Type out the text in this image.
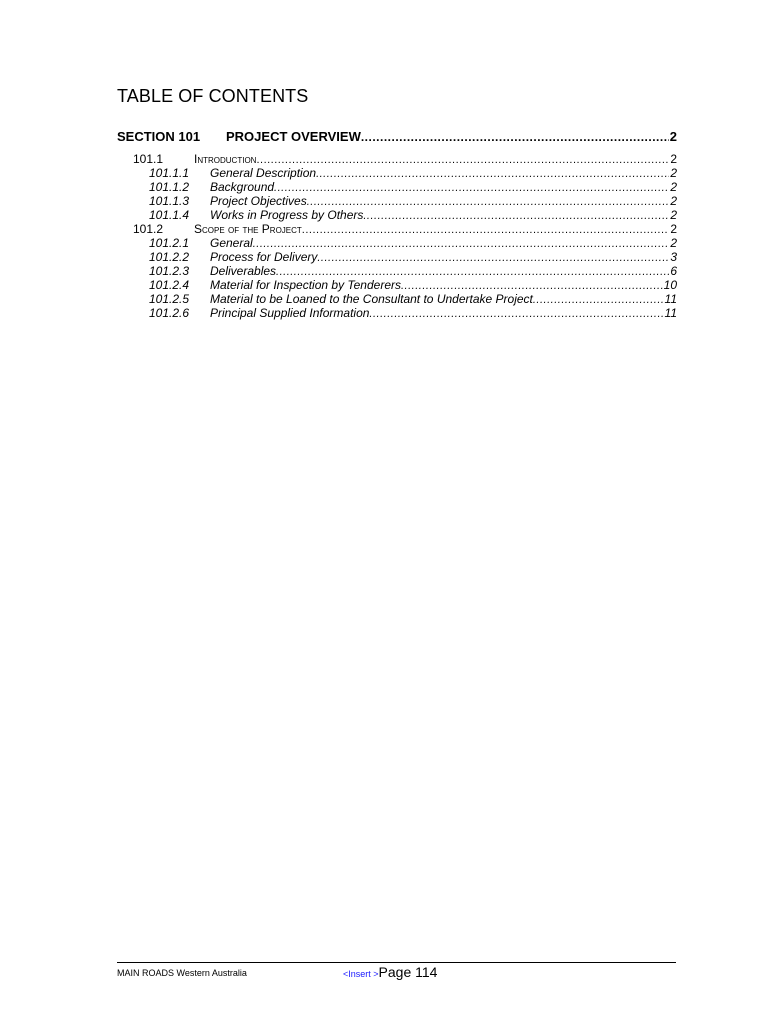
TABLE OF CONTENTS
SECTION 101	PROJECT OVERVIEW .....	2
101.1	Introduction .....	2
101.1.1	General Description .....	2
101.1.2	Background .....	2
101.1.3	Project Objectives .....	2
101.1.4	Works in Progress by Others .....	2
101.2	Scope of the Project .....	2
101.2.1	General .....	2
101.2.2	Process for Delivery .....	3
101.2.3	Deliverables .....	6
101.2.4	Material for Inspection by Tenderers .....	10
101.2.5	Material to be Loaned to the Consultant to Undertake Project .....	11
101.2.6	Principal Supplied Information .....	11
MAIN ROADS Western Australia	<Insert >Page 114
